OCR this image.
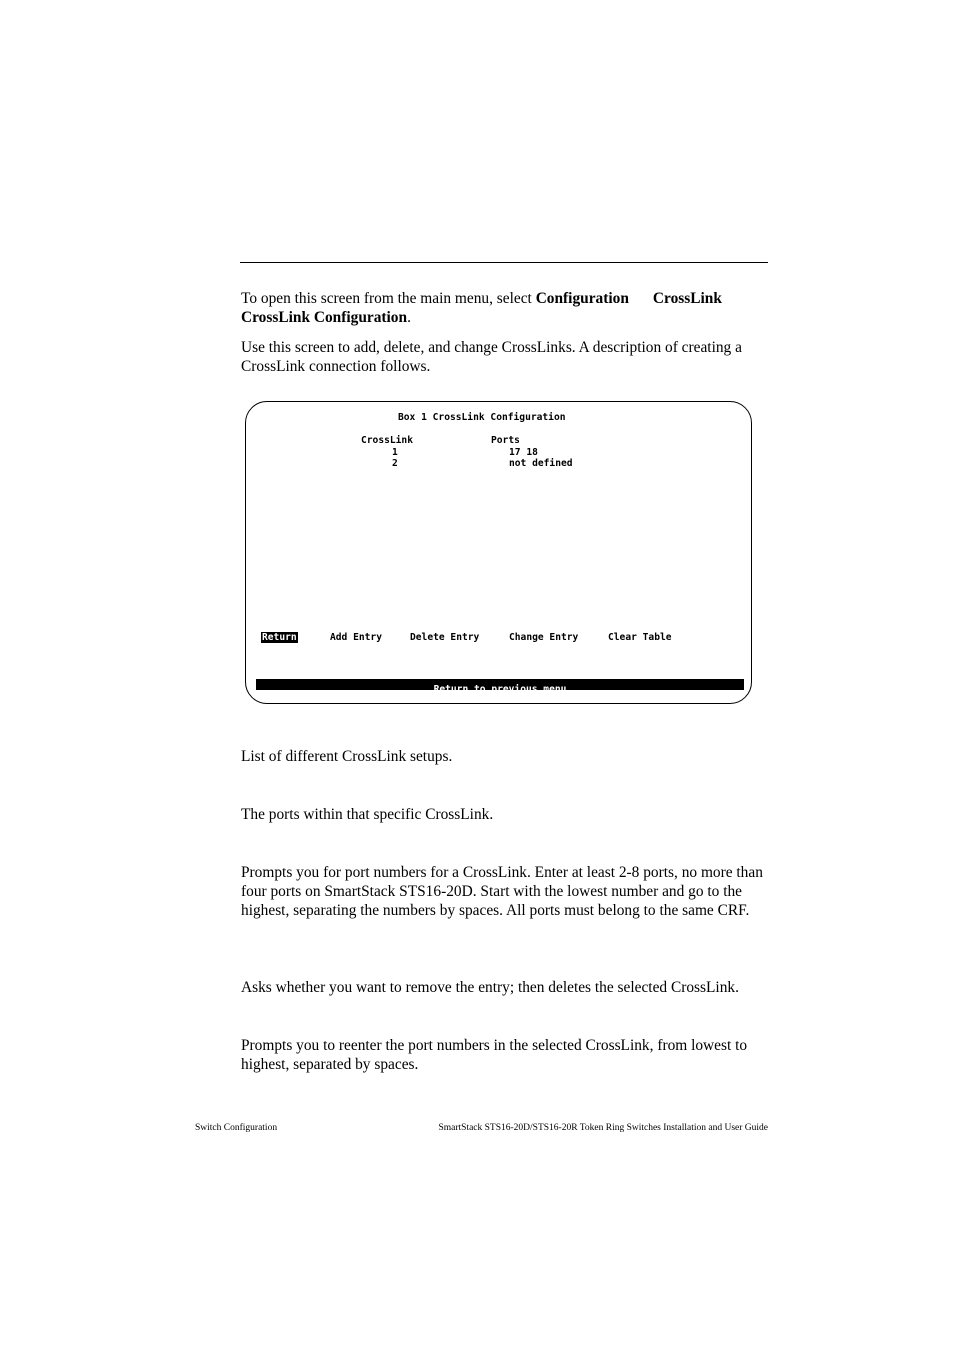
To open this screen from the main menu, select Configuration CrossLink
CrossLink Configuration.
Use this screen to add, delete, and change CrossLinks. A description of creating a CrossLink connection follows.
Box 1 CrossLink Configuration
CrossLink	Ports
1	17 18
2	not defined
Return	Add Entry	Delete Entry	Change Entry	Clear Table
Return to previous menu
List of different CrossLink setups.
The ports within that specific CrossLink.
Prompts you for port numbers for a CrossLink. Enter at least 2-8 ports, no more than four ports on SmartStack STS16-20D. Start with the lowest number and go to the highest, separating the numbers by spaces. All ports must belong to the same CRF.
Asks whether you want to remove the entry; then deletes the selected CrossLink.
Prompts you to reenter the port numbers in the selected CrossLink, from lowest to highest, separated by spaces.
Switch Configuration	SmartStack STS16-20D/STS16-20R Token Ring Switches Installation and User Guide
